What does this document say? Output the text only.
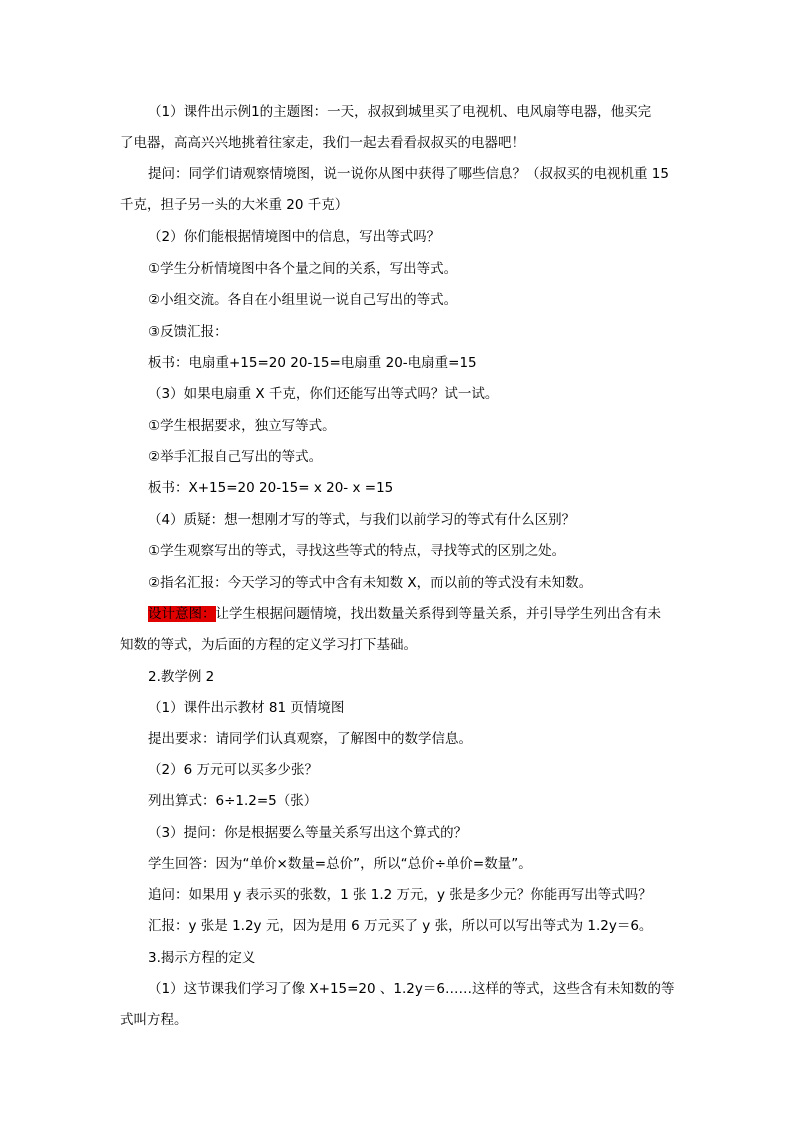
（1）课件出示例1的主题图：一天，叔叔到城里买了电视机、电风扇等电器，他买完

了电器，高高兴兴地挑着往家走，我们一起去看看叔叔买的电器吧！

提问：同学们请观察情境图，说一说你从图中获得了哪些信息？（叔叔买的电视机重 15

千克，担子另一头的大米重 20 千克）

（2）你们能根据情境图中的信息，写出等式吗？

①学生分析情境图中各个量之间的关系，写出等式。

②小组交流。各自在小组里说一说自己写出的等式。

③反馈汇报：

板书：电扇重+15=20 20-15=电扇重 20-电扇重=15

（3）如果电扇重 X 千克，你们还能写出等式吗？试一试。

①学生根据要求，独立写等式。

②举手汇报自己写出的等式。

板书：X+15=20 20-15= x 20- x =15

（4）质疑：想一想刚才写的等式，与我们以前学习的等式有什么区别？

①学生观察写出的等式，寻找这些等式的特点，寻找等式的区别之处。

②指名汇报：今天学习的等式中含有未知数 X，而以前的等式没有未知数。

设计意图：让学生根据问题情境，找出数量关系得到等量关系，并引导学生列出含有未

知数的等式，为后面的方程的定义学习打下基础。

2.教学例 2

（1）课件出示教材 81 页情境图

提出要求：请同学们认真观察，了解图中的数学信息。

（2）6 万元可以买多少张？

列出算式：6÷1.2=5（张）

（3）提问：你是根据要么等量关系写出这个算式的？

学生回答：因为“单价×数量=总价”，所以“总价÷单价=数量”。

追问：如果用 y 表示买的张数，1 张 1.2 万元，y 张是多少元？你能再写出等式吗？

汇报：y 张是 1.2y 元，因为是用 6 万元买了 y 张，所以可以写出等式为 1.2y＝6。

3.揭示方程的定义

（1）这节课我们学习了像 X+15=20 、1.2y＝6……这样的等式，这些含有未知数的等

式叫方程。
